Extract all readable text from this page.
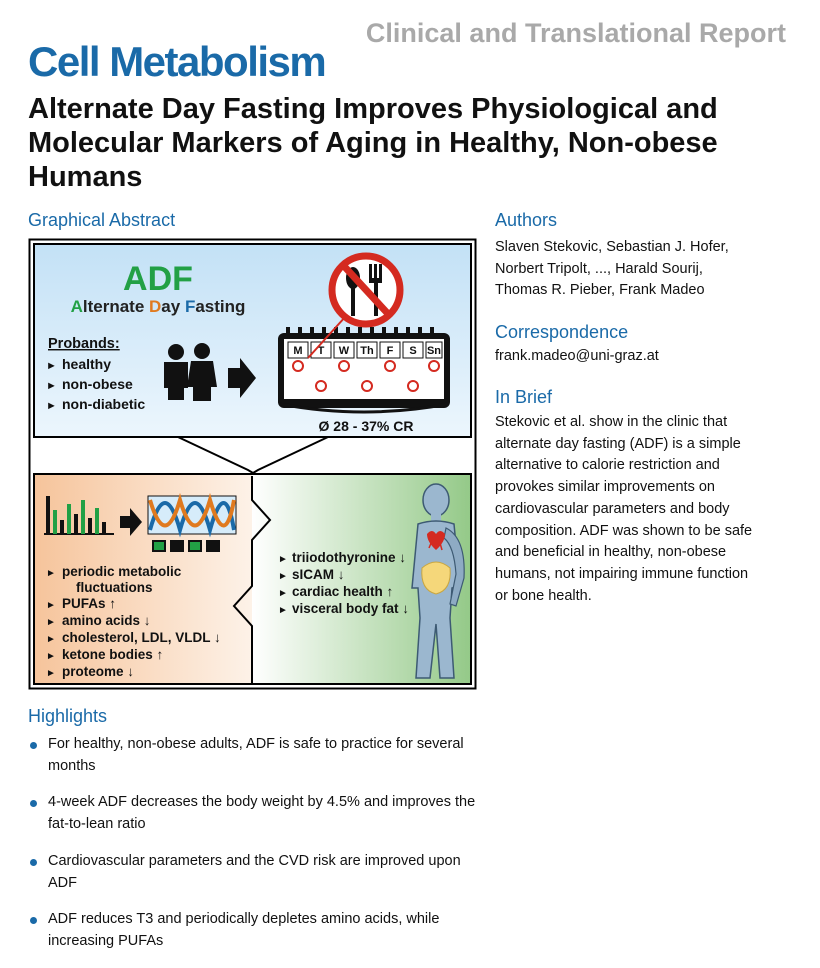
Cell Metabolism
Clinical and Translational Report
Alternate Day Fasting Improves Physiological and Molecular Markers of Aging in Healthy, Non-obese Humans
Graphical Abstract
ADF
Alternate Day Fasting
Probands:
► healthy
► non-obese
► non-diabetic
M T W Th F S Sn
Ø 28 - 37% CR
► periodic metabolic
fluctuations
► PUFAs ↑
► amino acids ↓
► cholesterol, LDL, VLDL ↓
► ketone bodies ↑
► proteome ↓
► triiodothyronine ↓
► sICAM ↓
► cardiac health ↑
► visceral body fat ↓
Highlights
For healthy, non-obese adults, ADF is safe to practice for several months
4-week ADF decreases the body weight by 4.5% and improves the fat-to-lean ratio
Cardiovascular parameters and the CVD risk are improved upon ADF
ADF reduces T3 and periodically depletes amino acids, while increasing PUFAs
Authors

Slaven Stekovic, Sebastian J. Hofer,
Norbert Tripolt, ..., Harald Sourij,
Thomas R. Pieber, Frank Madeo

Correspondence

frank.madeo@uni-graz.at

In Brief

Stekovic et al. show in the clinic that
alternate day fasting (ADF) is a simple
alternative to calorie restriction and
provokes similar improvements on
cardiovascular parameters and body
composition. ADF was shown to be safe
and beneficial in healthy, non-obese
humans, not impairing immune function
or bone health.
